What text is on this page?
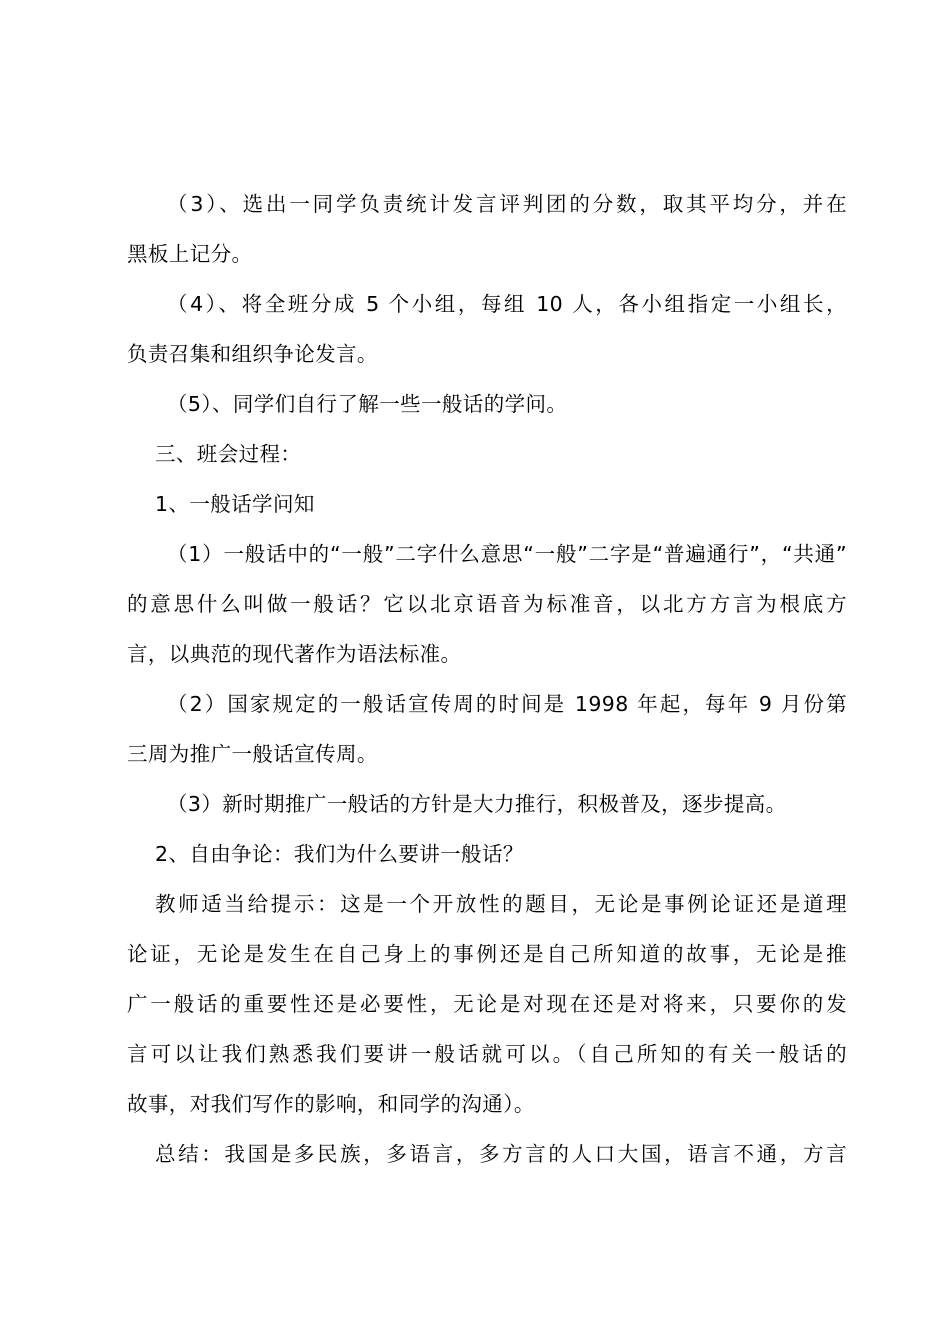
（3）、选出一同学负责统计发言评判团的分数，取其平均分，并在
黑板上记分。
（4）、将全班分成 5 个小组，每组 10 人，各小组指定一小组长，
负责召集和组织争论发言。
（5）、同学们自行了解一些一般话的学问。
三、班会过程：
1、一般话学问知
（1）一般话中的“一般”二字什么意思“一般”二字是“普遍通行”，“共通”
的意思什么叫做一般话？它以北京语音为标准音，以北方方言为根底方
言，以典范的现代著作为语法标准。
（2）国家规定的一般话宣传周的时间是 1998 年起，每年 9 月份第
三周为推广一般话宣传周。
（3）新时期推广一般话的方针是大力推行，积极普及，逐步提高。
2、自由争论：我们为什么要讲一般话？
教师适当给提示：这是一个开放性的题目，无论是事例论证还是道理
论证，无论是发生在自己身上的事例还是自己所知道的故事，无论是推
广一般话的重要性还是必要性，无论是对现在还是对将来，只要你的发
言可以让我们熟悉我们要讲一般话就可以。（自己所知的有关一般话的
故事，对我们写作的影响，和同学的沟通）。
总结：我国是多民族，多语言，多方言的人口大国，语言不通，方言
